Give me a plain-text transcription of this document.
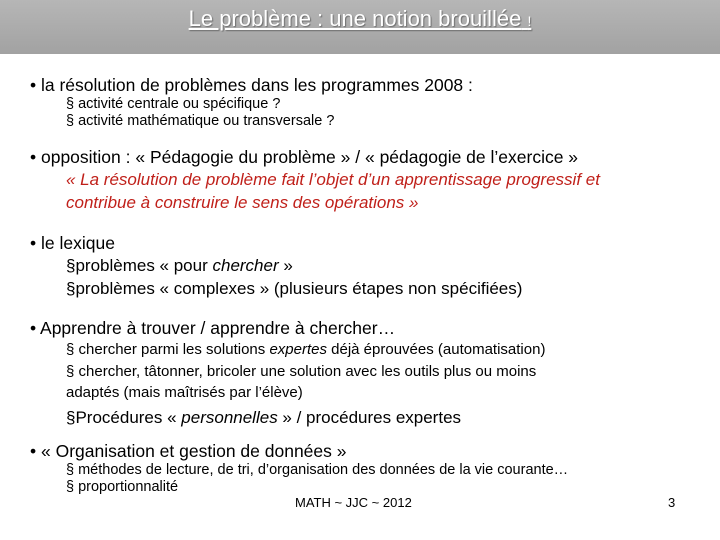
Le problème : une notion brouillée !
• la résolution de problèmes dans les programmes 2008 :
§ activité centrale ou spécifique ?
§ activité mathématique ou transversale ?
• opposition : « Pédagogie du problème » / « pédagogie de l’exercice »
« La résolution de problème fait l’objet d’un apprentissage progressif et
contribue à construire le sens des opérations »
• le lexique
§problèmes « pour chercher »
§problèmes « complexes » (plusieurs étapes non spécifiées)
• Apprendre à trouver / apprendre à chercher…
§ chercher parmi les solutions expertes déjà éprouvées (automatisation)
§ chercher, tâtonner, bricoler une solution avec les outils plus ou moins
adaptés (mais maîtrisés par l’élève)
§Procédures « personnelles » / procédures expertes
• « Organisation et gestion de données »
§ méthodes de lecture, de tri, d’organisation des données de la vie courante…
§ proportionnalité
MATH ~ JJC ~ 2012	3
